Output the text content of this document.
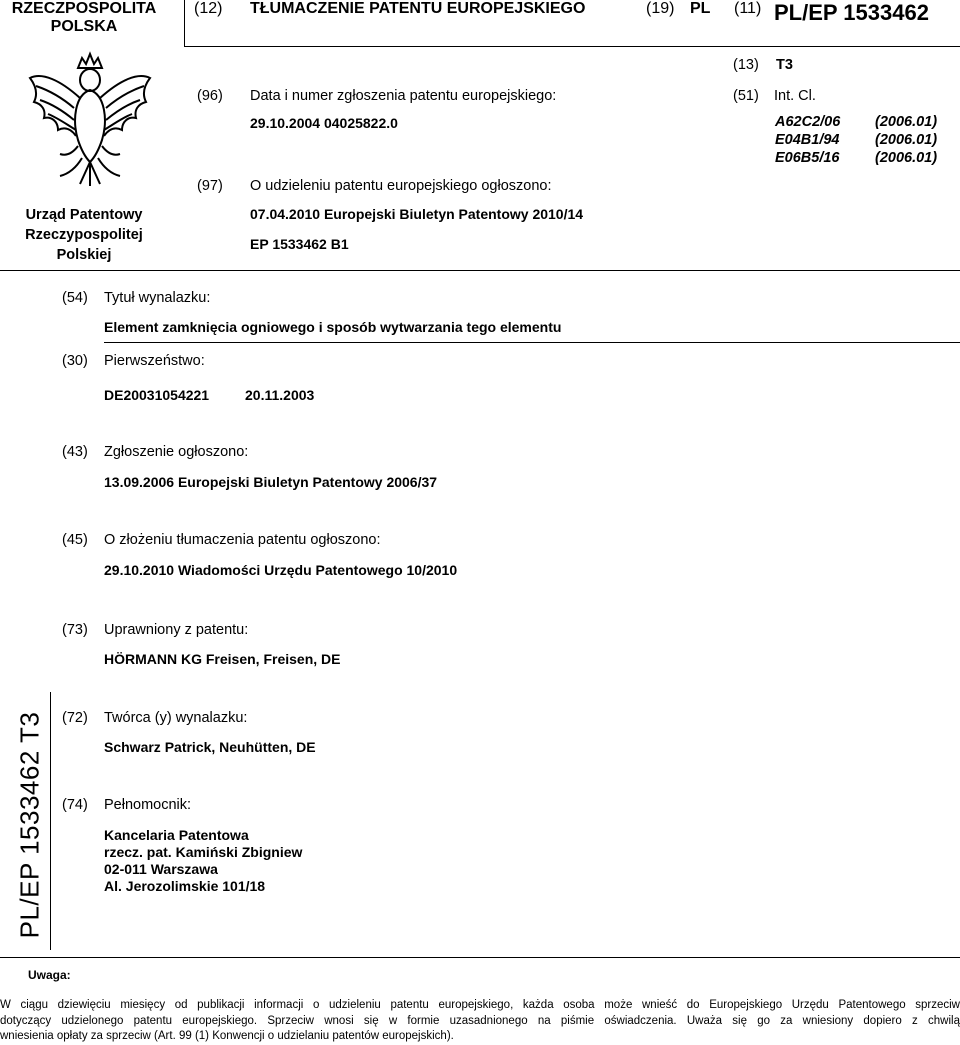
RZECZPOSPOLITA
POLSKA
(12) TŁUMACZENIE PATENTU EUROPEJSKIEGO	(19) PL (11) PL/EP 1533462
(13) T3
(96) Data i numer zgłoszenia patentu europejskiego:
29.10.2004 04025822.0
(51) Int. Cl.
A62C2/06
E04B1/94
E06B5/16
(2006.01)
(2006.01)
(2006.01)
(97) O udzieleniu patentu europejskiego ogłoszono:
07.04.2010 Europejski Biuletyn Patentowy 2010/14
EP 1533462 B1
Urząd Patentowy
Rzeczypospolitej
Polskiej
(54) Tytuł wynalazku:
Element zamknięcia ogniowego i sposób wytwarzania tego elementu
(30) Pierwszeństwo:
DE20031054221	20.11.2003
(43) Zgłoszenie ogłoszono:
13.09.2006 Europejski Biuletyn Patentowy 2006/37
(45) O złożeniu tłumaczenia patentu ogłoszono:
29.10.2010 Wiadomości Urzędu Patentowego 10/2010
(73) Uprawniony z patentu:
HÖRMANN KG Freisen, Freisen, DE
PL/EP 1533462 T3 (72) Twórca (y) wynalazku:
Schwarz Patrick, Neuhütten, DE
(74) Pełnomocnik:
Kancelaria Patentowa
rzecz. pat. Kamiński Zbigniew
02-011 Warszawa
Al. Jerozolimskie 101/18
Uwaga:
W ciągu dziewięciu miesięcy od publikacji informacji o udzieleniu patentu europejskiego, każda osoba może wnieść do Europejskiego Urzędu Patentowego sprzeciw
dotyczący udzielonego patentu europejskiego. Sprzeciw wnosi się w formie uzasadnionego na piśmie oświadczenia. Uważa się go za wniesiony dopiero z chwilą
wniesienia opłaty za sprzeciw (Art. 99 (1) Konwencji o udzielaniu patentów europejskich).
